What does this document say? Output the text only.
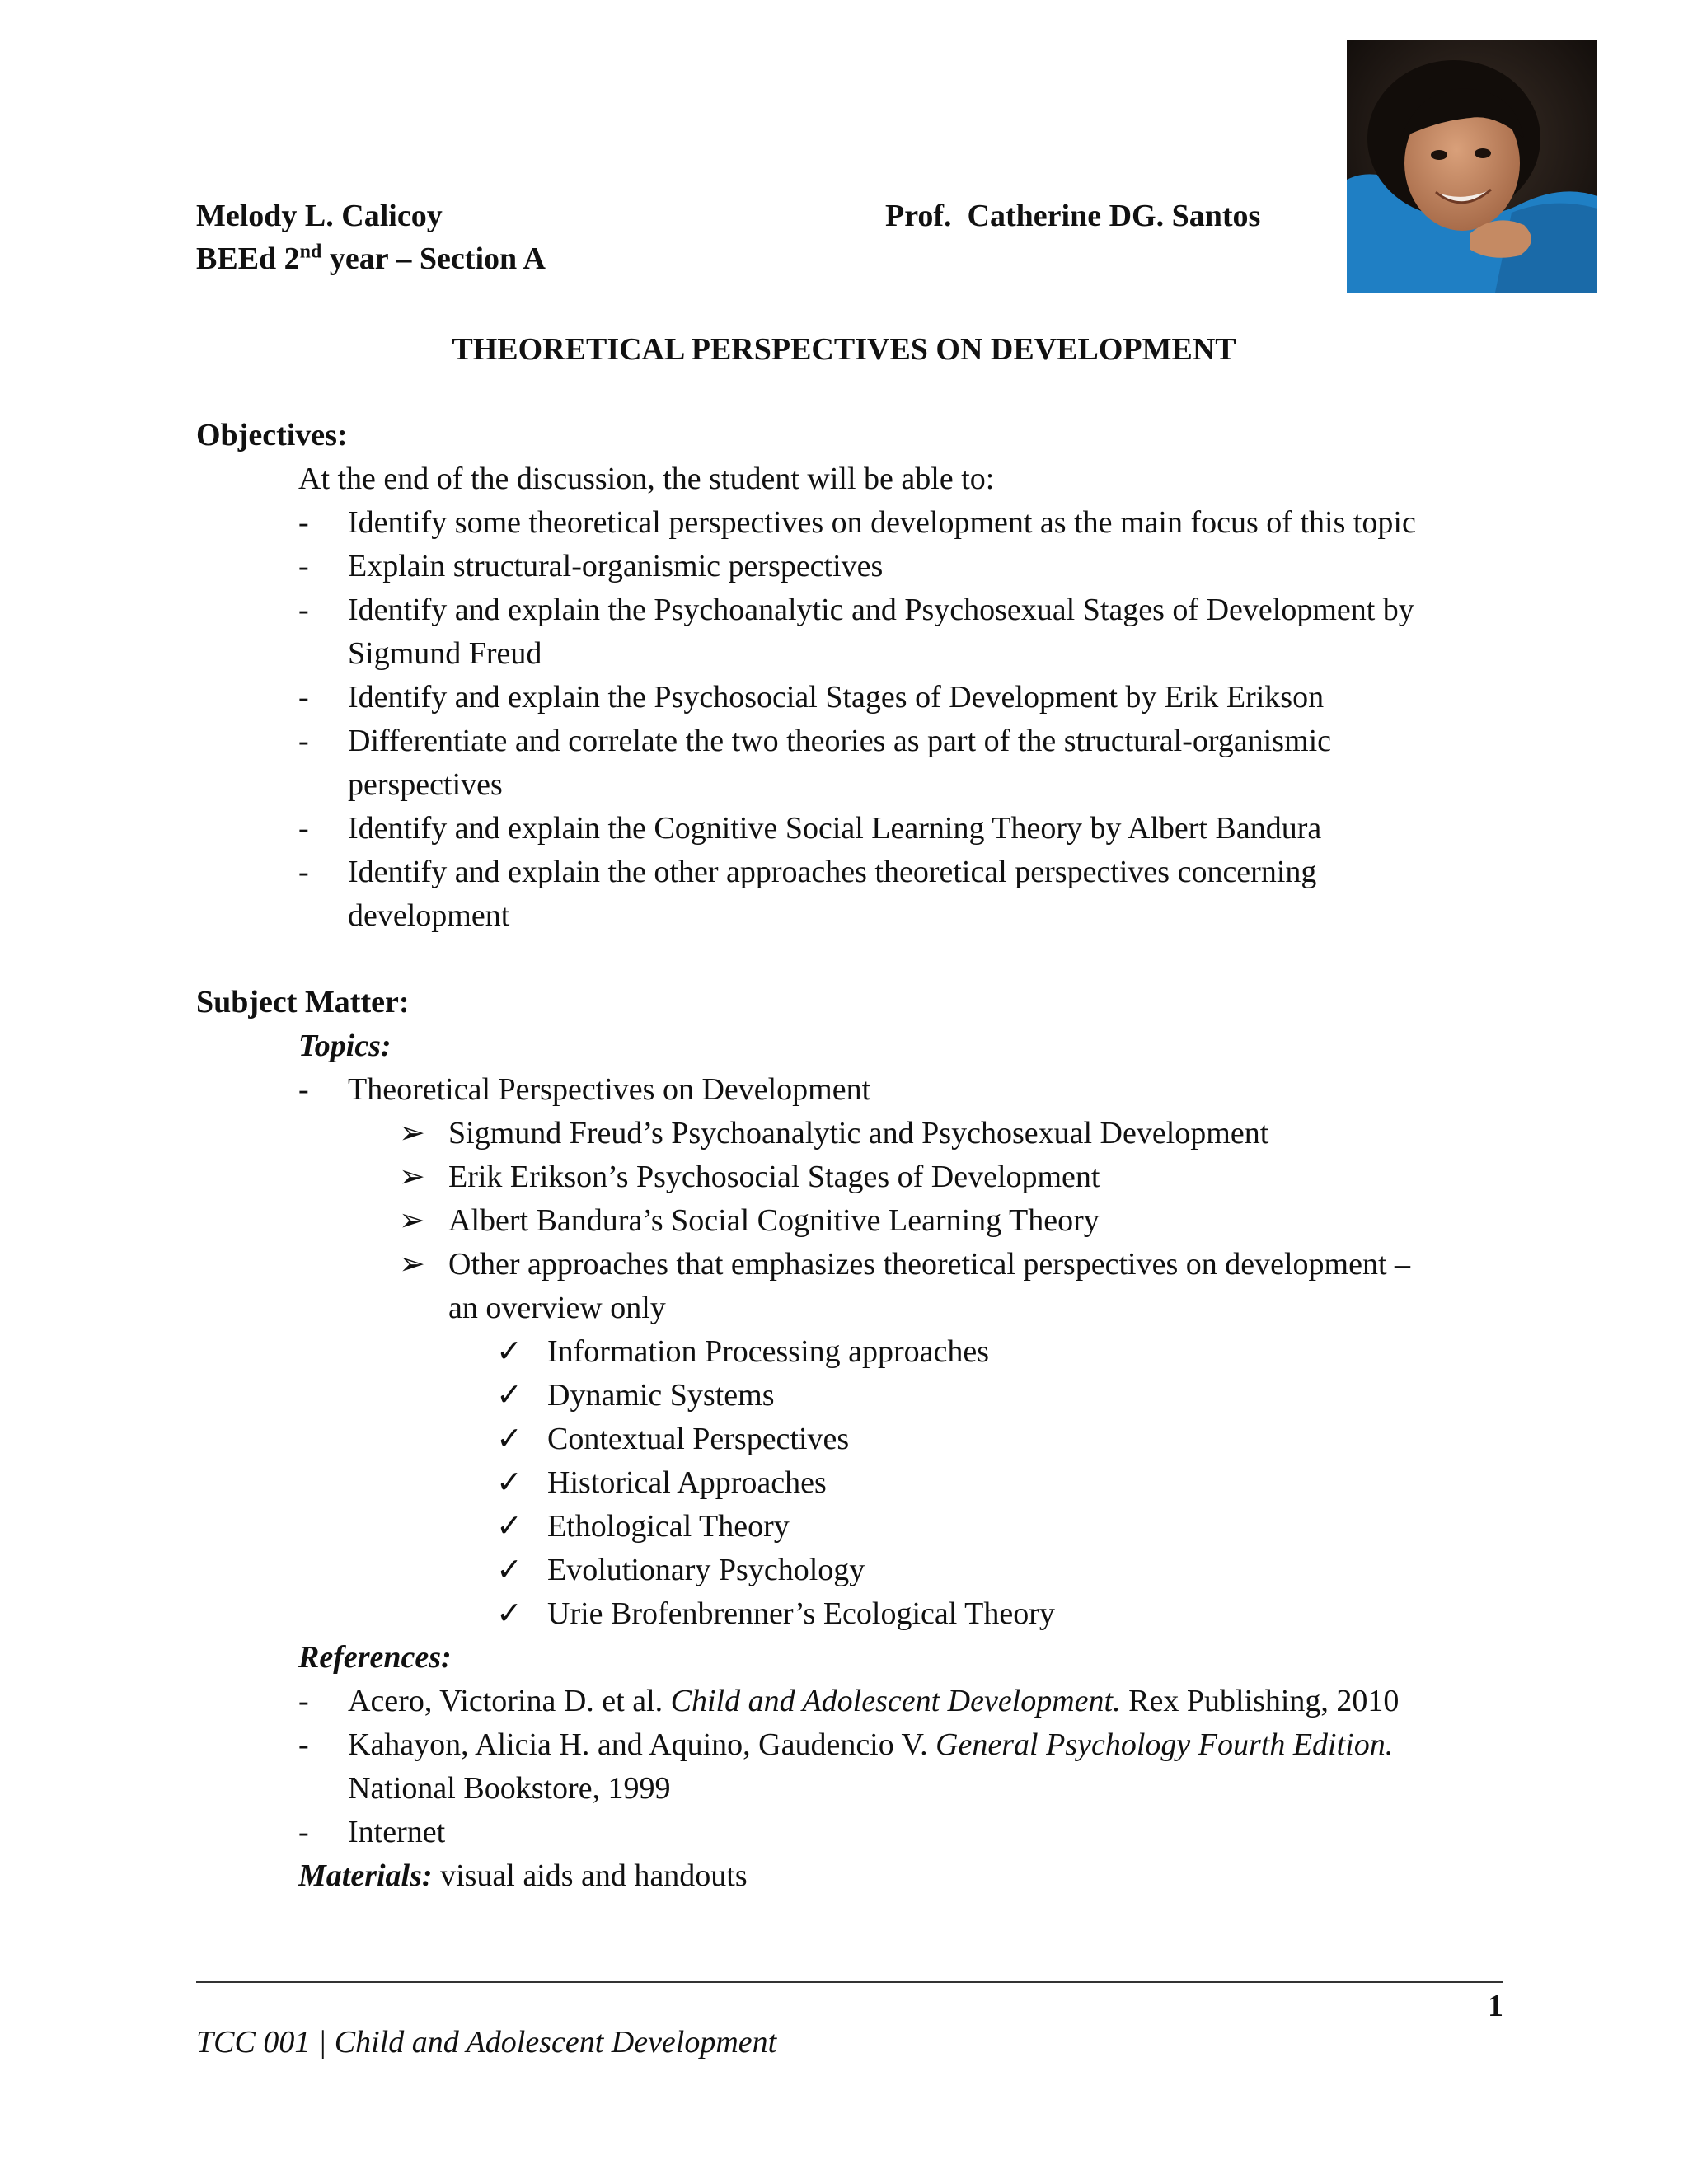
Melody L. Calicoy
BEEd 2nd year – Section A
Prof.  Catherine DG. Santos
THEORETICAL PERSPECTIVES ON DEVELOPMENT
Objectives:
At the end of the discussion, the student will be able to:
- Identify some theoretical perspectives on development as the main focus of this topic
- Explain structural-organismic perspectives
- Identify and explain the Psychoanalytic and Psychosexual Stages of Development by
Sigmund Freud
- Identify and explain the Psychosocial Stages of Development by Erik Erikson
- Differentiate and correlate the two theories as part of the structural-organismic
perspectives
- Identify and explain the Cognitive Social Learning Theory by Albert Bandura
- Identify and explain the other approaches theoretical perspectives concerning
development
Subject Matter:
Topics:
- Theoretical Perspectives on Development
➢ Sigmund Freud’s Psychoanalytic and Psychosexual Development
➢ Erik Erikson’s Psychosocial Stages of Development
➢ Albert Bandura’s Social Cognitive Learning Theory
➢ Other approaches that emphasizes theoretical perspectives on development –
an overview only
✓ Information Processing approaches
✓ Dynamic Systems
✓ Contextual Perspectives
✓ Historical Approaches
✓ Ethological Theory
✓ Evolutionary Psychology
✓ Urie Brofenbrenner’s Ecological Theory
References:
- Acero, Victorina D. et al. Child and Adolescent Development. Rex Publishing, 2010
- Kahayon, Alicia H. and Aquino, Gaudencio V. General Psychology Fourth Edition.
National Bookstore, 1999
- Internet
Materials: visual aids and handouts
1
TCC 001 | Child and Adolescent Development
